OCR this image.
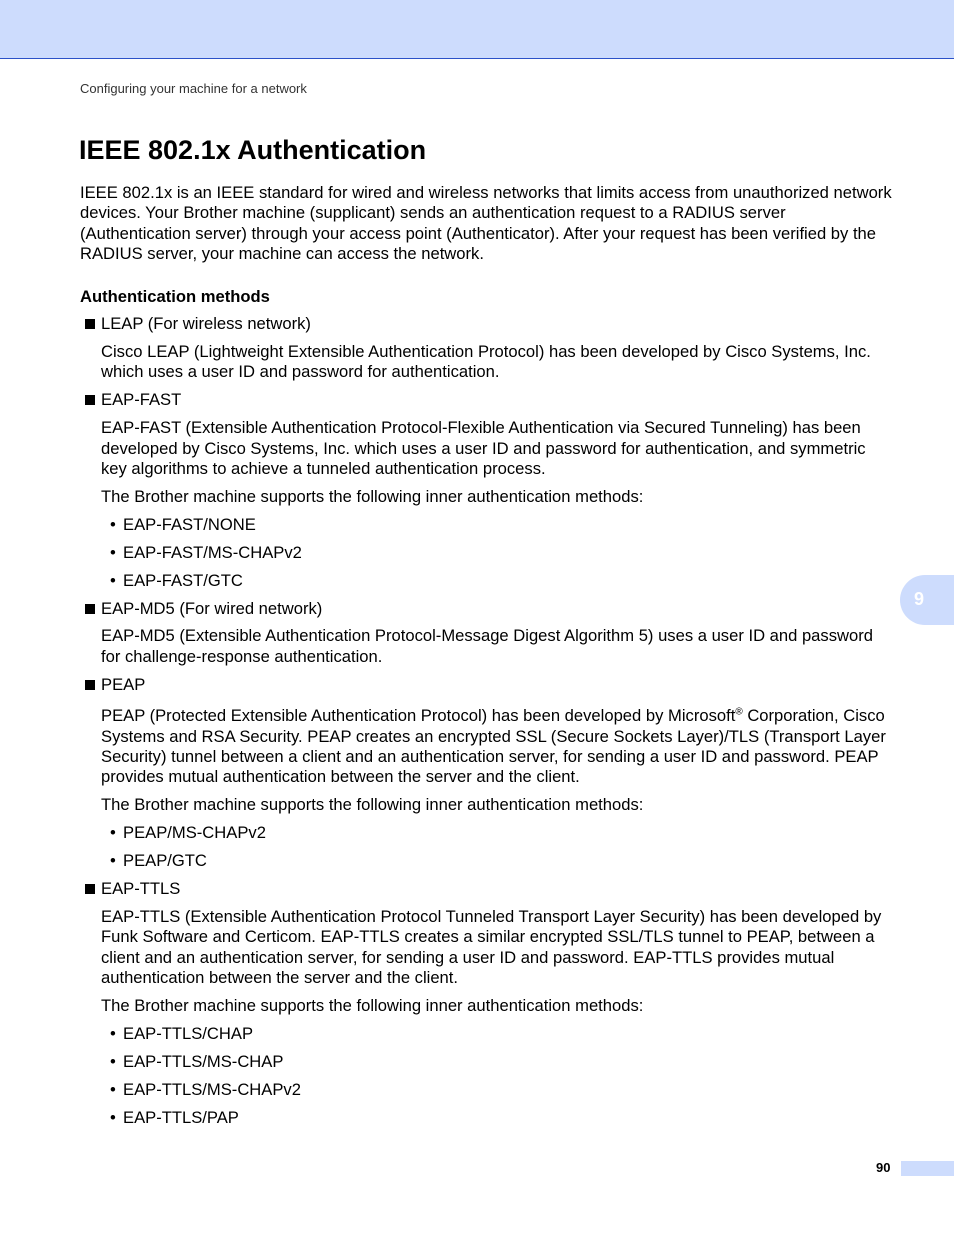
Configuring your machine for a network
IEEE 802.1x Authentication

IEEE 802.1x is an IEEE standard for wired and wireless networks that limits access from unauthorized network devices. Your Brother machine (supplicant) sends an authentication request to a RADIUS server (Authentication server) through your access point (Authenticator). After your request has been verified by the RADIUS server, your machine can access the network.

Authentication methods
LEAP (For wireless network)

Cisco LEAP (Lightweight Extensible Authentication Protocol) has been developed by Cisco Systems, Inc. which uses a user ID and password for authentication.

EAP-FAST

EAP-FAST (Extensible Authentication Protocol-Flexible Authentication via Secured Tunneling) has been developed by Cisco Systems, Inc. which uses a user ID and password for authentication, and symmetric key algorithms to achieve a tunneled authentication process.

The Brother machine supports the following inner authentication methods:

• EAP-FAST/NONE
• EAP-FAST/MS-CHAPv2
• EAP-FAST/GTC
EAP-MD5 (For wired network)

EAP-MD5 (Extensible Authentication Protocol-Message Digest Algorithm 5) uses a user ID and password for challenge-response authentication.

PEAP

PEAP (Protected Extensible Authentication Protocol) has been developed by Microsoft® Corporation, Cisco Systems and RSA Security. PEAP creates an encrypted SSL (Secure Sockets Layer)/TLS (Transport Layer Security) tunnel between a client and an authentication server, for sending a user ID and password. PEAP provides mutual authentication between the server and the client.

The Brother machine supports the following inner authentication methods:

• PEAP/MS-CHAPv2
• PEAP/GTC
EAP-TTLS

EAP-TTLS (Extensible Authentication Protocol Tunneled Transport Layer Security) has been developed by Funk Software and Certicom. EAP-TTLS creates a similar encrypted SSL/TLS tunnel to PEAP, between a client and an authentication server, for sending a user ID and password. EAP-TTLS provides mutual authentication between the server and the client.

The Brother machine supports the following inner authentication methods:

• EAP-TTLS/CHAP
• EAP-TTLS/MS-CHAP
• EAP-TTLS/MS-CHAPv2
• EAP-TTLS/PAP
9
90
